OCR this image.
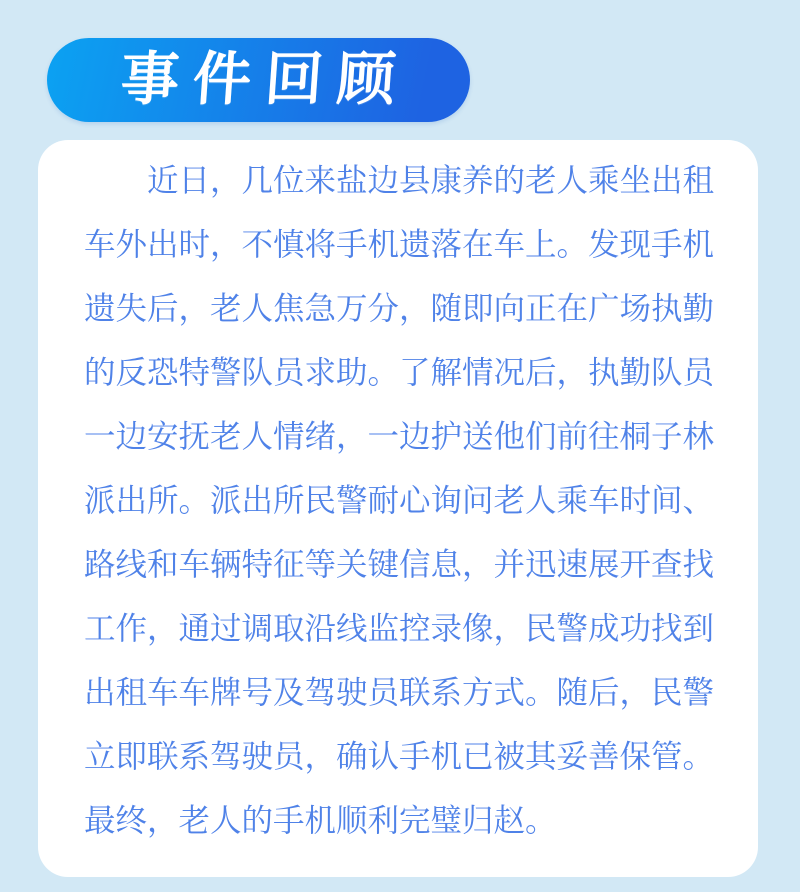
事件回顾

近日，几位来盐边县康养的老人乘坐出租车外出时，不慎将手机遗落在车上。发现手机遗失后，老人焦急万分，随即向正在广场执勤的反恐特警队员求助。了解情况后，执勤队员一边安抚老人情绪，一边护送他们前往桐子林派出所。派出所民警耐心询问老人乘车时间、路线和车辆特征等关键信息，并迅速展开查找工作，通过调取沿线监控录像，民警成功找到出租车车牌号及驾驶员联系方式。随后，民警立即联系驾驶员，确认手机已被其妥善保管。最终，老人的手机顺利完璧归赵。
